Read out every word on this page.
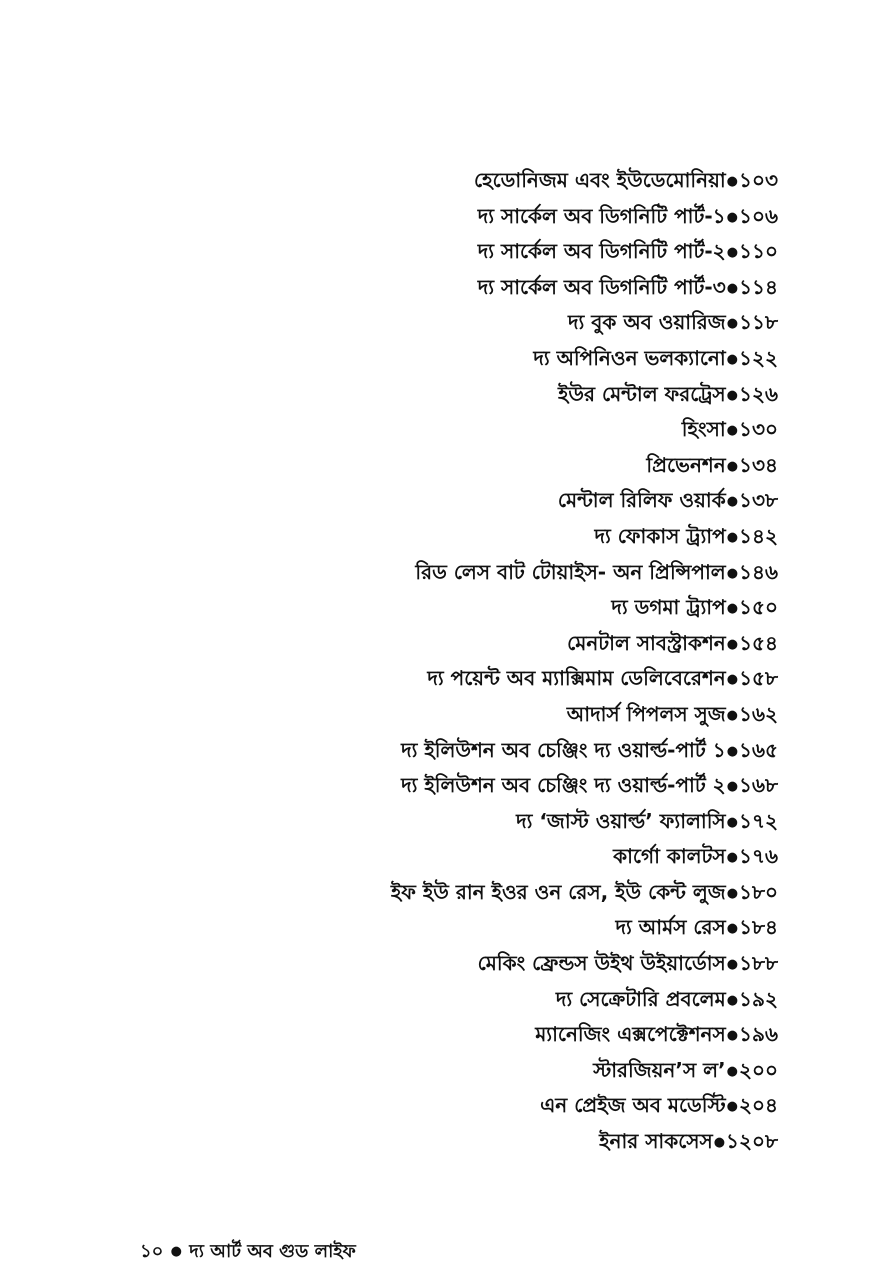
হেডোনিজম এবং ইউডেমোনিয়া●১০৩
দ্য সার্কেল অব ডিগনিটি পার্ট-১●১০৬
দ্য সার্কেল অব ডিগনিটি পার্ট-২●১১০
দ্য সার্কেল অব ডিগনিটি পার্ট-৩●১১৪
দ্য বুক অব ওয়ারিজ●১১৮
দ্য অপিনিওন ভলক্যানো●১২২
ইউর মেন্টাল ফরট্রেস●১২৬
হিংসা●১৩০
প্রিভেনশন●১৩৪
মেন্টাল রিলিফ ওয়ার্ক●১৩৮
দ্য ফোকাস ট্র্যাপ●১৪২
রিড লেস বাট টোয়াইস- অন প্রিন্সিপাল●১৪৬
দ্য ডগমা ট্র্যাপ●১৫০
মেনটাল সাবস্ট্রাকশন●১৫৪
দ্য পয়েন্ট অব ম্যাক্সিমাম ডেলিবেরেশন●১৫৮
আদার্স পিপলস সুজ●১৬২
দ্য ইলিউশন অব চেঞ্জিং দ্য ওয়ার্ল্ড-পার্ট ১●১৬৫
দ্য ইলিউশন অব চেঞ্জিং দ্য ওয়ার্ল্ড-পার্ট ২●১৬৮
দ্য ‘জাস্ট ওয়ার্ল্ড’ ফ্যালাসি●১৭২
কার্গো কালটস●১৭৬
ইফ ইউ রান ইওর ওন রেস, ইউ কেন্ট লুজ●১৮০
দ্য আর্মস রেস●১৮৪
মেকিং ফ্রেন্ডস উইথ উইয়ার্ডোস●১৮৮
দ্য সেক্রেটারি প্রবলেম●১৯২
ম্যানেজিং এক্সপেক্টেশনস●১৯৬
স্টারজিয়ন’স ল’●২০০
এন প্রেইজ অব মডেস্টি●২০৪
ইনার সাকসেস●১২০৮
১০ ● দ্য আর্ট অব গুড লাইফ
